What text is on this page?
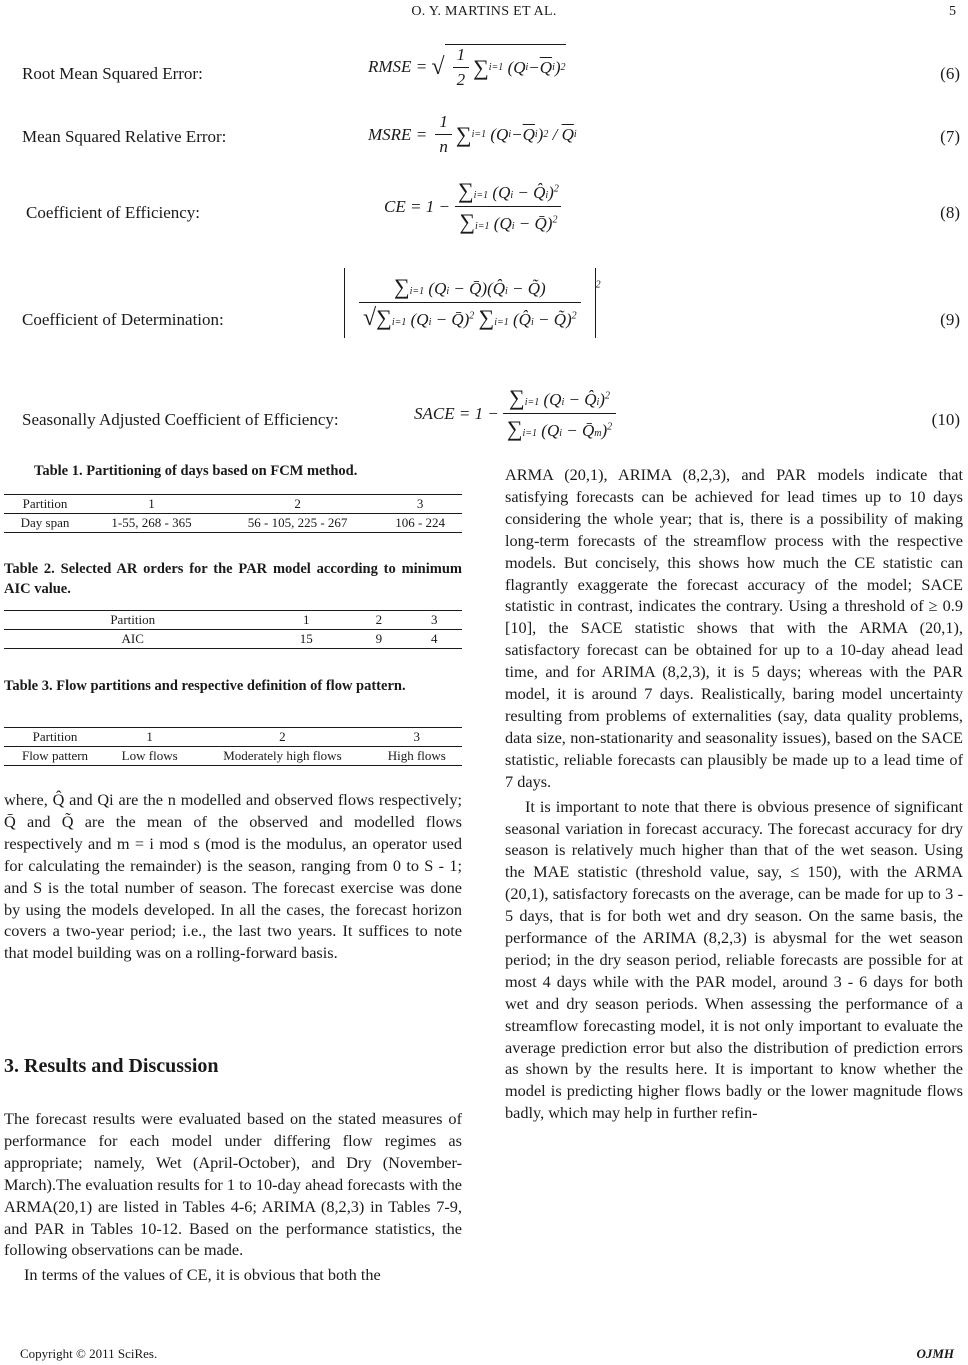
O. Y. MARTINS ET AL.	5
Root Mean Squared Error:	RMSE = √ $\frac{1}{2}$ ∑ i=1 (Q $i - \overline{Q}$ i ) 2	(6)
Mean Squared Relative Error:	MSRE = $\frac{1}{n}$ ∑ i=1 (Q $i - \overline{Q}$ i ) $2 / \overline{Q}$ i	(7)
Coefficient of Efficiency:	CE = $1 - \frac{\sum i=1 (Qi - Q̂i)^2}{\sum i=1 (Qi - Q̄)^2}$	(8)
Coefficient of Determination:	$\frac{\sum i=1 (Qi - Q̄)(Q̂i - Q̃)}{√\sum i=1 (Qi - Q̄)^2 \sum i=1 (Q̂i - Q̃)^2} ^2$
(9)
Seasonally Adjusted Coefficient of Efficiency:	SACE = $1 - \frac{\sum i=1 (Qi - Q̂i)^2}{\sum i=1 (Qi - Q̄m)^2}$	(10)
Table 1. Partitioning of days based on FCM method.
Partition	1	2	3
Day span	1-55, 268 - 365	56 - 105, 225 - 267	106 - 224
Table 2. Selected AR orders for the PAR model according to minimum AIC value.
Partition	1	2	3
AIC	15	9	4
Table 3. Flow partitions and respective definition of flow pattern.
Partition	1	2	3
Flow pattern	Low flows	Moderately high flows	High flows

where, Q̂ and Qi are the n modelled and observed flows respectively; Q̄ and Q̃ are the mean of the observed and modelled flows respectively and m = i mod s (mod is the modulus, an operator used for calculating the remainder) is the season, ranging from 0 to S - 1; and S is the total number of season. The forecast exercise was done by using the models developed. In all the cases, the forecast horizon covers a two-year period; i.e., the last two years. It suffices to note that model building was on a rolling-forward basis.

3. Results and Discussion

The forecast results were evaluated based on the stated measures of performance for each model under differing flow regimes as appropriate; namely, Wet (April-October), and Dry (November-March).The evaluation results for 1 to 10-day ahead forecasts with the ARMA(20,1) are listed in Tables 4-6; ARIMA (8,2,3) in Tables 7-9, and PAR in Tables 10-12. Based on the performance statistics, the following observations can be made.

In terms of the values of CE, it is obvious that both the

ARMA (20,1), ARIMA (8,2,3), and PAR models indicate that satisfying forecasts can be achieved for lead times up to 10 days considering the whole year; that is, there is a possibility of making long-term forecasts of the streamflow process with the respective models. But concisely, this shows how much the CE statistic can flagrantly exaggerate the forecast accuracy of the model; SACE statistic in contrast, indicates the contrary. Using a threshold of ≥ 0.9 [10], the SACE statistic shows that with the ARMA (20,1), satisfactory forecast can be obtained for up to a 10-day ahead lead time, and for ARIMA (8,2,3), it is 5 days; whereas with the PAR model, it is around 7 days. Realistically, baring model uncertainty resulting from problems of externalities (say, data quality problems, data size, non-stationarity and seasonality issues), based on the SACE statistic, reliable forecasts can plausibly be made up to a lead time of 7 days.

It is important to note that there is obvious presence of significant seasonal variation in forecast accuracy. The forecast accuracy for dry season is relatively much higher than that of the wet season. Using the MAE statistic (threshold value, say, ≤ 150), with the ARMA (20,1), satisfactory forecasts on the average, can be made for up to 3 - 5 days, that is for both wet and dry season. On the same basis, the performance of the ARIMA (8,2,3) is abysmal for the wet season period; in the dry season period, reliable forecasts are possible for at most 4 days while with the PAR model, around 3 - 6 days for both wet and dry season periods. When assessing the performance of a streamflow forecasting model, it is not only important to evaluate the average prediction error but also the distribution of prediction errors as shown by the results here. It is important to know whether the model is predicting higher flows badly or the lower magnitude flows badly, which may help in further refin-

Copyright © 2011 SciRes.	OJMH
